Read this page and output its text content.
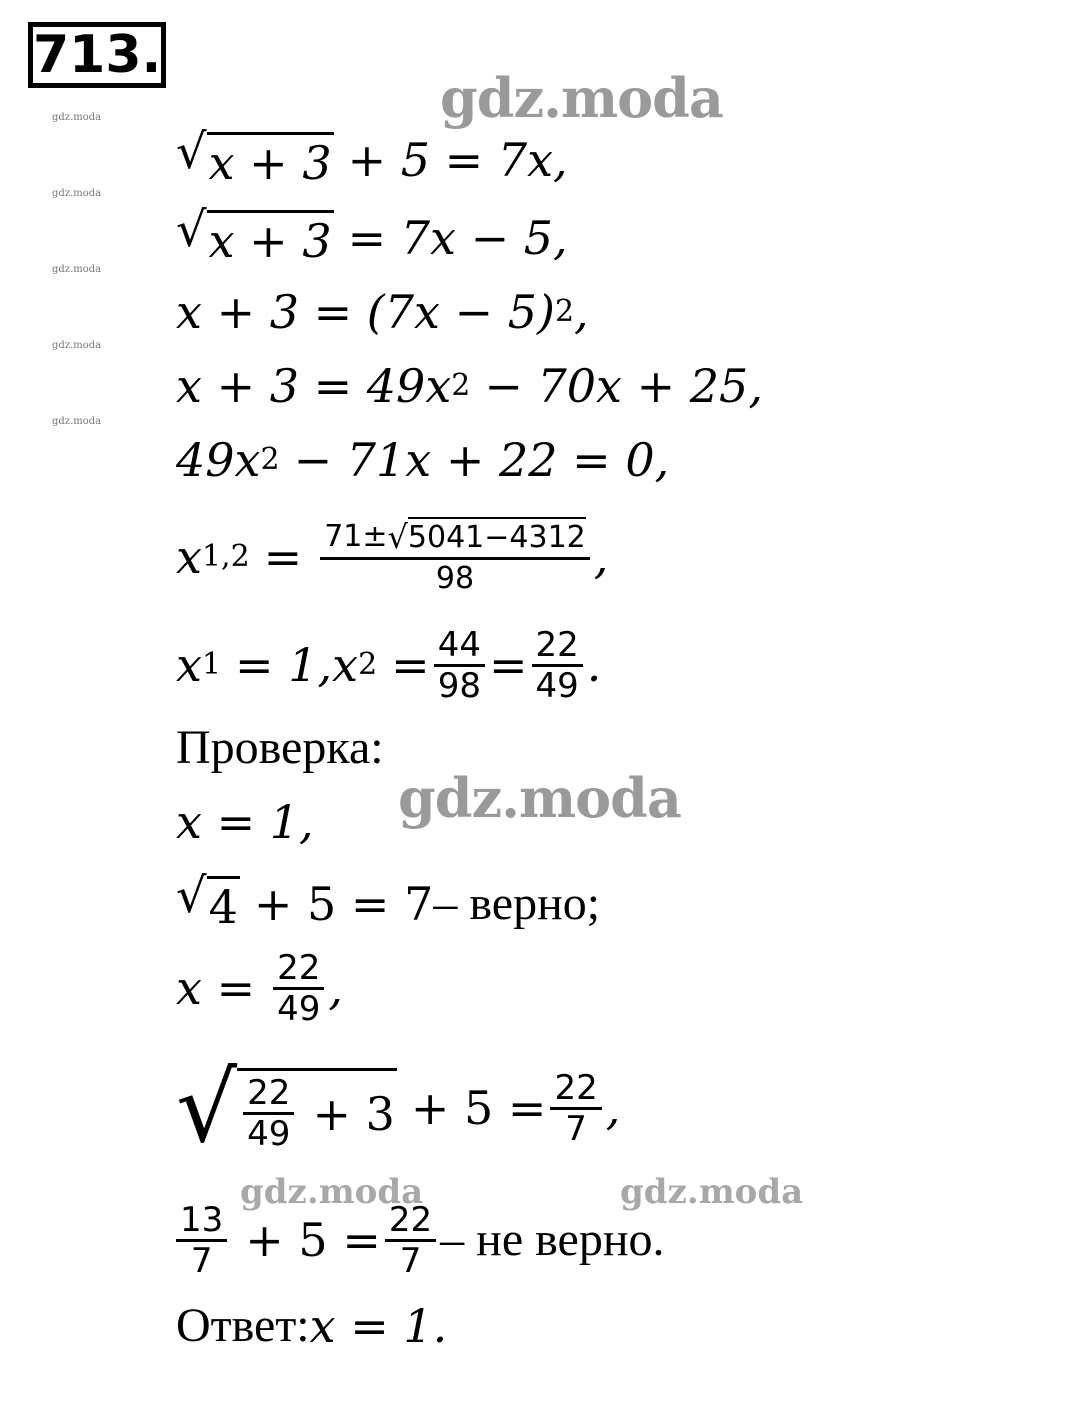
713.
gdz.moda
gdz.moda
gdz.moda	gdz.moda
gdz.moda
gdz.moda
gdz.moda
gdz.moda
gdz.moda
√ x + 3 + 5 = 7x,
√ x + 3 = 7x − 5,
x + 3 = (7x − 5) 2 ,
x + 3 = 49x 2 − 70x + 25,
49x 2 − 71x + 22 = 0,
x $1,2 = \frac{71\pm √ 5041-4312}{98}$ ,
x 1 = 1, x $2 = \frac{44}{98} = \frac{22}{49}$ .
Проверка:
x = 1,
√ 4 + 5 = 7 – верно;
$x = \frac{22}{49}$ ,
√ $\frac{22}{49} + 3 + 5 = \frac{22}{7}$ ,
$\frac{13}{7} + 5 = \frac{22}{7}$ – не верно.
Ответ: x = 1.
